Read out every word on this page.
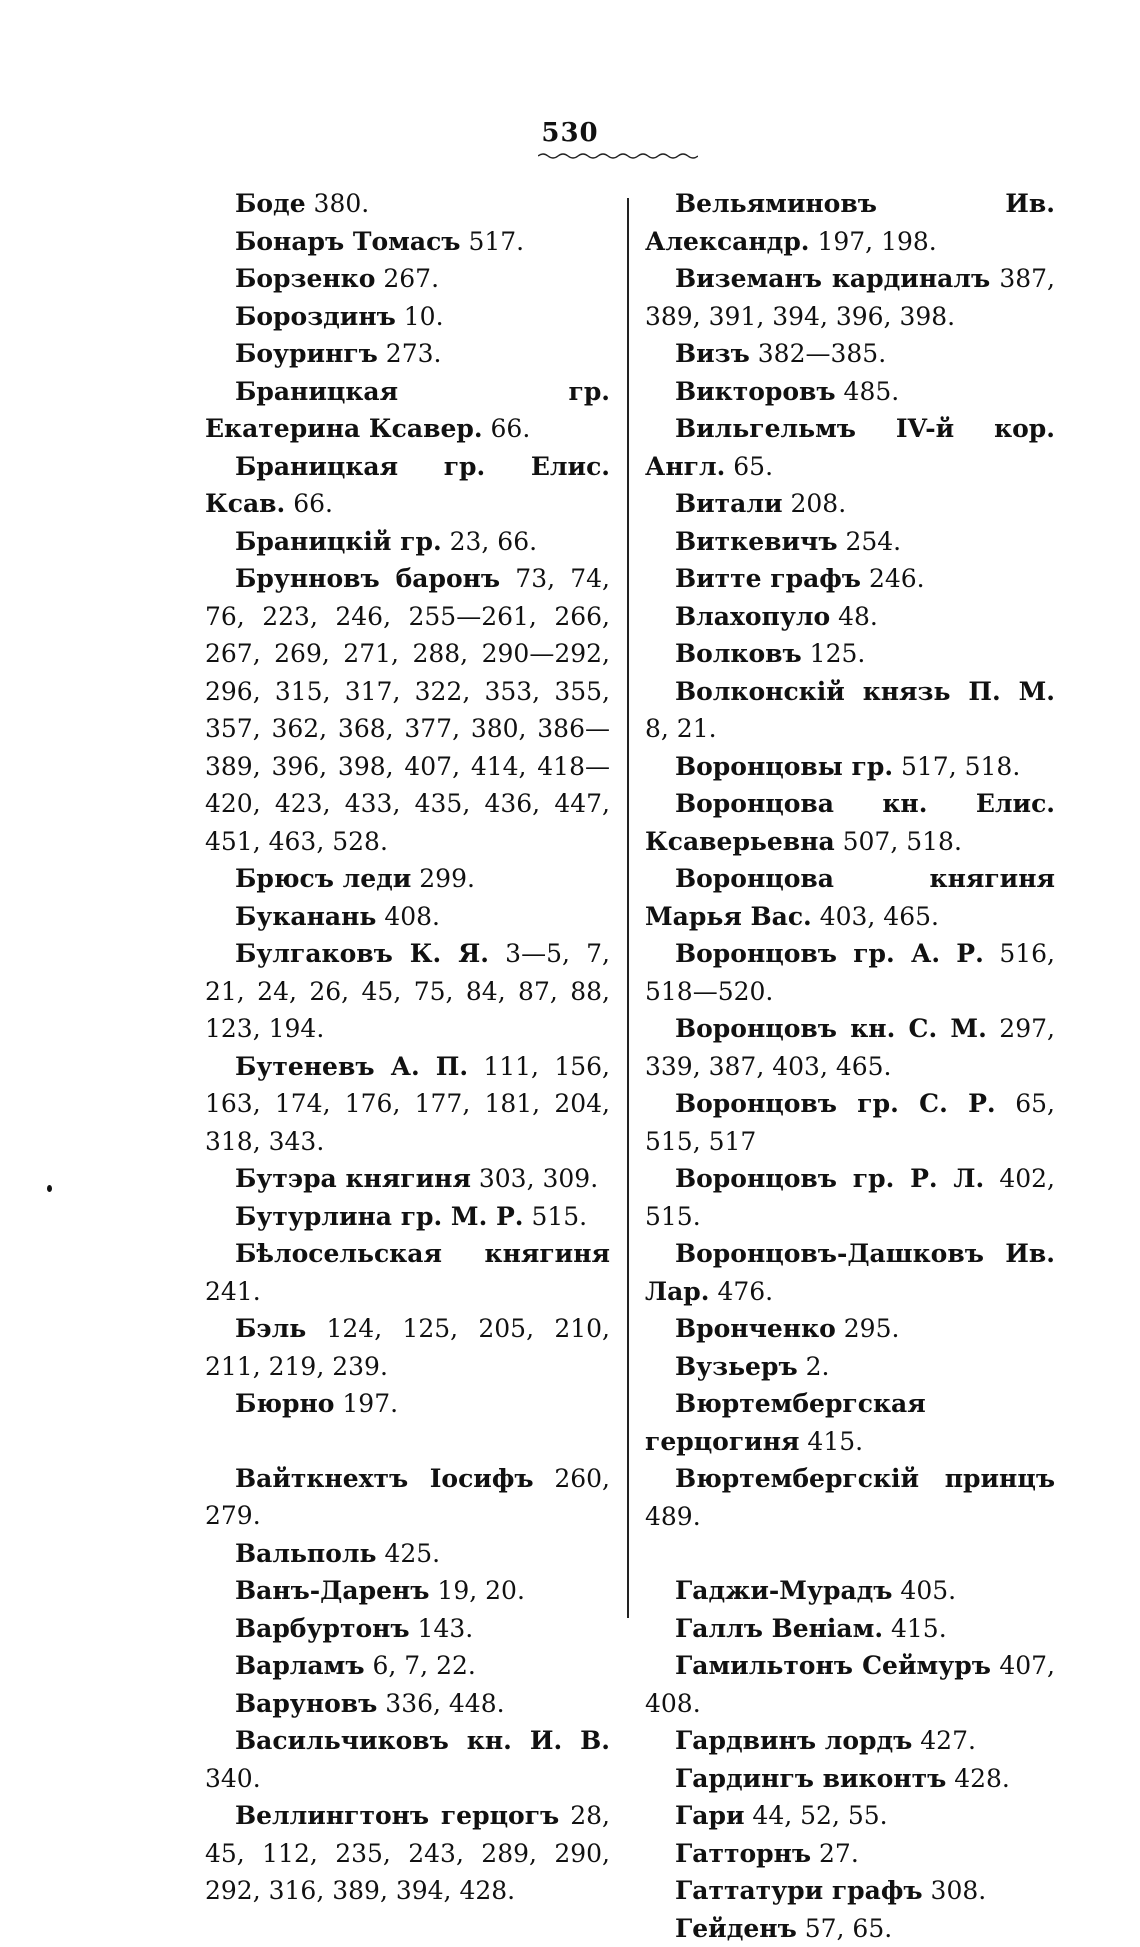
530

Боде 380.

Бонаръ Томасъ 517.

Борзенко 267.

Бороздинъ 10.

Боурингъ 273.

Браницкая гр. Екатерина Ксавер. 66.

Браницкая гр. Елис. Ксав. 66.

Браницкій гр. 23, 66.

Брунновъ баронъ 73, 74, 76, 223, 246, 255—261, 266, 267, 269, 271, 288, 290—292, 296, 315, 317, 322, 353, 355, 357, 362, 368, 377, 380, 386—389, 396, 398, 407, 414, 418—420, 423, 433, 435, 436, 447, 451, 463, 528.

Брюсъ леди 299.

Буканань 408.

Булгаковъ К. Я. 3—5, 7, 21, 24, 26, 45, 75, 84, 87, 88, 123, 194.

Бутеневъ А. П. 111, 156, 163, 174, 176, 177, 181, 204, 318, 343.

Бутэра княгиня 303, 309.

Бутурлина гр. М. Р. 515.

Бѣлосельская княгиня 241.

Бэль 124, 125, 205, 210, 211, 219, 239.

Бюрно 197.

Вайткнехтъ Іосифъ 260, 279.

Вальполь 425.

Ванъ-Даренъ 19, 20.

Варбуртонъ 143.

Варламъ 6, 7, 22.

Варуновъ 336, 448.

Васильчиковъ кн. И. В. 340.

Веллингтонъ герцогъ 28, 45, 112, 235, 243, 289, 290, 292, 316, 389, 394, 428.

Вельяминовъ Ив. Александр. 197, 198.

Виземанъ кардиналъ 387, 389, 391, 394, 396, 398.

Визъ 382—385.

Викторовъ 485.

Вильгельмъ IV-й кор. Англ. 65.

Витали 208.

Виткевичъ 254.

Витте графъ 246.

Влахопуло 48.

Волковъ 125.

Волконскій князь П. М. 8, 21.

Воронцовы гр. 517, 518.

Воронцова кн. Елис. Ксаверьевна 507, 518.

Воронцова княгиня Марья Вас. 403, 465.

Воронцовъ гр. А. Р. 516, 518—520.

Воронцовъ кн. С. М. 297, 339, 387, 403, 465.

Воронцовъ гр. С. Р. 65, 515, 517

Воронцовъ гр. Р. Л. 402, 515.

Воронцовъ-Дашковъ Ив. Лар. 476.

Вронченко 295.

Вузьеръ 2.

Вюртембергская герцогиня 415.

Вюртембергскій принцъ 489.

Гаджи-Мурадъ 405.

Галлъ Веніам. 415.

Гамильтонъ Сеймуръ 407, 408.

Гардвинъ лордъ 427.

Гардингъ виконтъ 428.

Гари 44, 52, 55.

Гатторнъ 27.

Гаттатури графъ 308.

Гейденъ 57, 65.
